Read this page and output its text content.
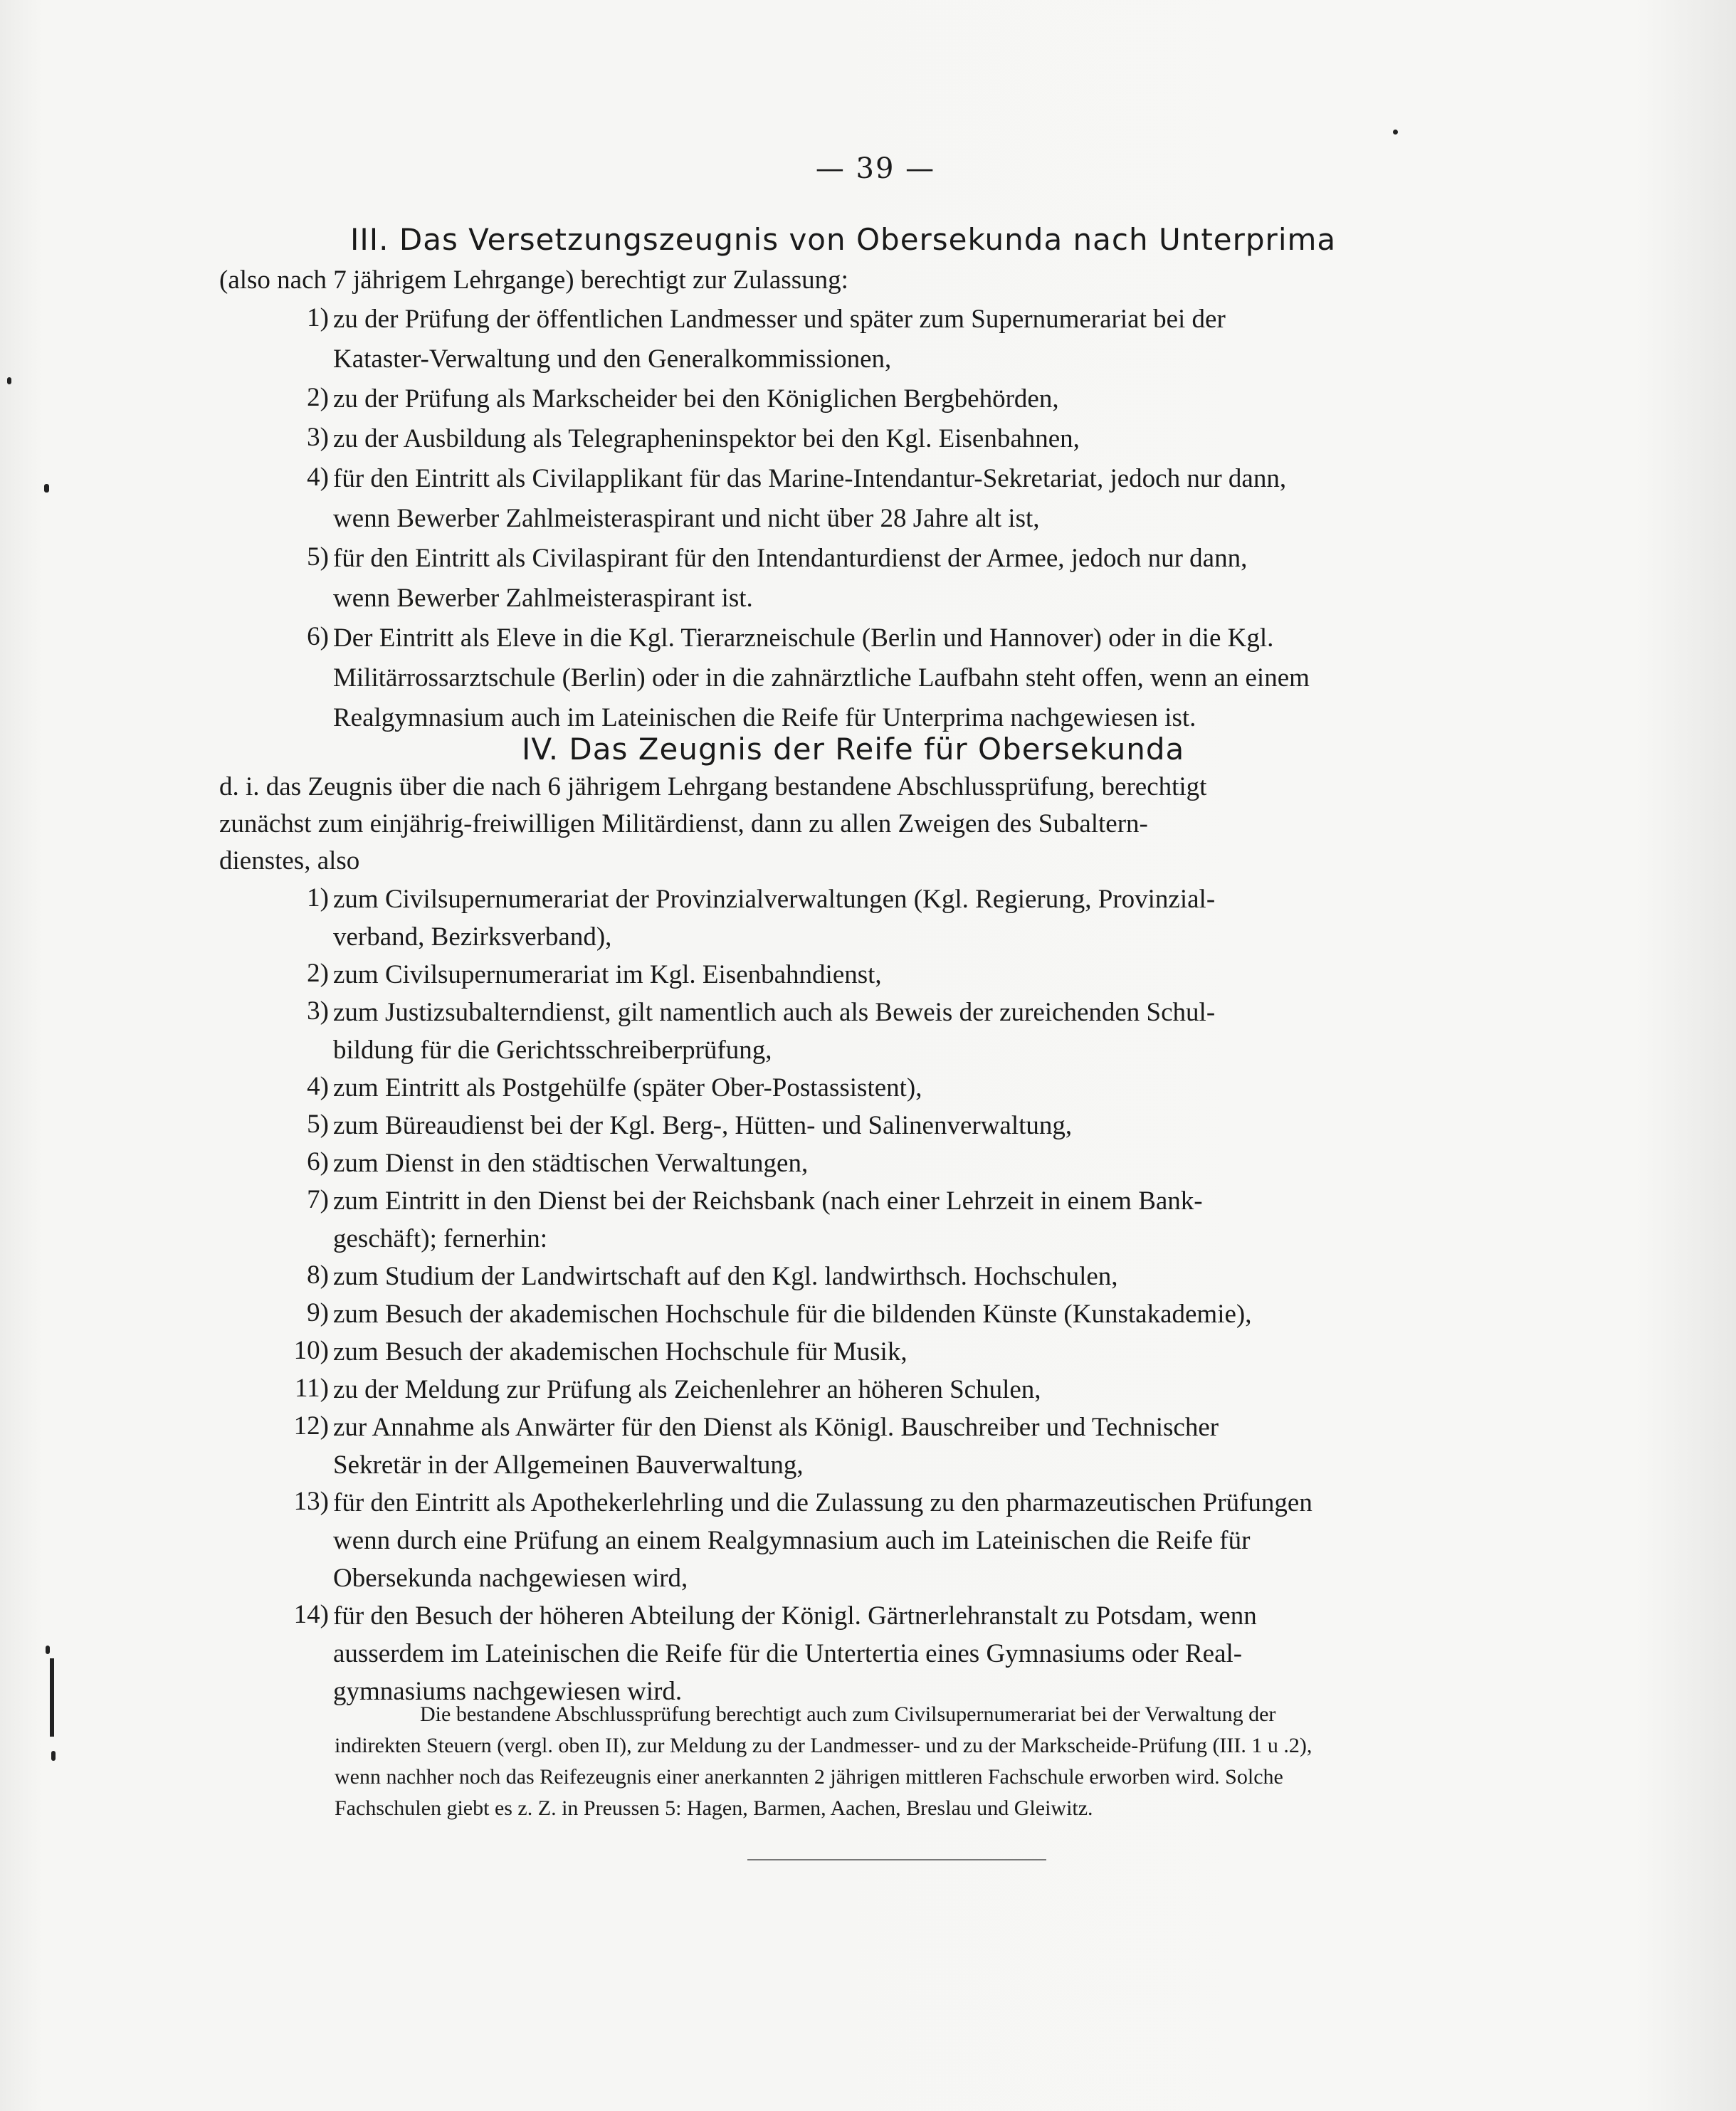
— 39 —
III. Das Versetzungszeugnis von Obersekunda nach Unterprima
(also nach 7 jährigem Lehrgange) berechtigt zur Zulassung:
1) zu der Prüfung der öffentlichen Landmesser und später zum Supernumerariat bei der
Kataster-Verwaltung und den Generalkommissionen,
2) zu der Prüfung als Markscheider bei den Königlichen Bergbehörden,
3) zu der Ausbildung als Telegrapheninspektor bei den Kgl. Eisenbahnen,
4) für den Eintritt als Civilapplikant für das Marine-Intendantur-Sekretariat, jedoch nur dann,
wenn Bewerber Zahlmeisteraspirant und nicht über 28 Jahre alt ist,
5) für den Eintritt als Civilaspirant für den Intendanturdienst der Armee, jedoch nur dann,
wenn Bewerber Zahlmeisteraspirant ist.
6) Der Eintritt als Eleve in die Kgl. Tierarzneischule (Berlin und Hannover) oder in die Kgl.
Militärrossarztschule (Berlin) oder in die zahnärztliche Laufbahn steht offen, wenn an einem
Realgymnasium auch im Lateinischen die Reife für Unterprima nachgewiesen ist.
IV. Das Zeugnis der Reife für Obersekunda
d. i. das Zeugnis über die nach 6 jährigem Lehrgang bestandene Abschlussprüfung, berechtigt
zunächst zum einjährig-freiwilligen Militärdienst, dann zu allen Zweigen des Subaltern-
dienstes, also
1) zum Civilsupernumerariat der Provinzialverwaltungen (Kgl. Regierung, Provinzial-
verband, Bezirksverband),
2) zum Civilsupernumerariat im Kgl. Eisenbahndienst,
3) zum Justizsubalterndienst, gilt namentlich auch als Beweis der zureichenden Schul-
bildung für die Gerichtsschreiberprüfung,
4) zum Eintritt als Postgehülfe (später Ober-Postassistent),
5) zum Büreaudienst bei der Kgl. Berg-, Hütten- und Salinenverwaltung,
6) zum Dienst in den städtischen Verwaltungen,
7) zum Eintritt in den Dienst bei der Reichsbank (nach einer Lehrzeit in einem Bank-
geschäft); fernerhin:
8) zum Studium der Landwirtschaft auf den Kgl. landwirthsch. Hochschulen,
9) zum Besuch der akademischen Hochschule für die bildenden Künste (Kunstakademie),
10) zum Besuch der akademischen Hochschule für Musik,
11) zu der Meldung zur Prüfung als Zeichenlehrer an höheren Schulen,
12) zur Annahme als Anwärter für den Dienst als Königl. Bauschreiber und Technischer
Sekretär in der Allgemeinen Bauverwaltung,
13) für den Eintritt als Apothekerlehrling und die Zulassung zu den pharmazeutischen Prüfungen
wenn durch eine Prüfung an einem Realgymnasium auch im Lateinischen die Reife für
Obersekunda nachgewiesen wird,
14) für den Besuch der höheren Abteilung der Königl. Gärtnerlehranstalt zu Potsdam, wenn
ausserdem im Lateinischen die Reife für die Untertertia eines Gymnasiums oder Real-
gymnasiums nachgewiesen wird.
Die bestandene Abschlussprüfung berechtigt auch zum Civilsupernumerariat bei der Verwaltung der
indirekten Steuern (vergl. oben II), zur Meldung zu der Landmesser- und zu der Markscheide-Prüfung (III. 1 u .2),
wenn nachher noch das Reifezeugnis einer anerkannten 2 jährigen mittleren Fachschule erworben wird. Solche
Fachschulen giebt es z. Z. in Preussen 5: Hagen, Barmen, Aachen, Breslau und Gleiwitz.
